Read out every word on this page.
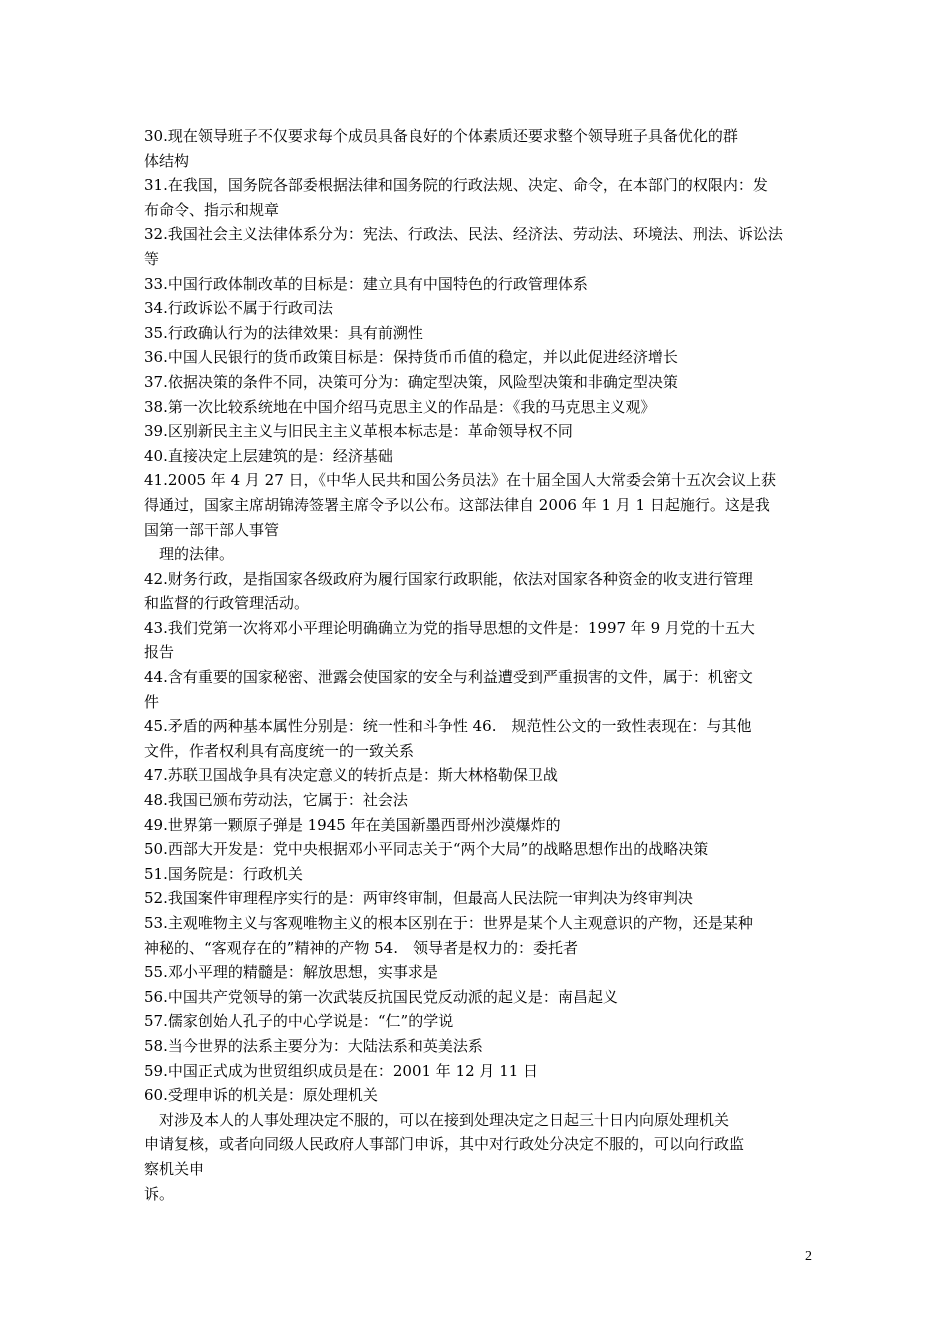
30.现在领导班子不仅要求每个成员具备良好的个体素质还要求整个领导班子具备优化的群
体结构
31.在我国，国务院各部委根据法律和国务院的行政法规、决定、命令，在本部门的权限内：发
布命令、指示和规章
32.我国社会主义法律体系分为：宪法、行政法、民法、经济法、劳动法、环境法、刑法、诉讼法
等
33.中国行政体制改革的目标是：建立具有中国特色的行政管理体系
34.行政诉讼不属于行政司法
35.行政确认行为的法律效果：具有前溯性
36.中国人民银行的货币政策目标是：保持货币币值的稳定，并以此促进经济增长
37.依据决策的条件不同，决策可分为：确定型决策，风险型决策和非确定型决策
38.第一次比较系统地在中国介绍马克思主义的作品是：《我的马克思主义观》
39.区别新民主主义与旧民主主义革根本标志是：革命领导权不同
40.直接决定上层建筑的是：经济基础
41.2005 年 4 月 27 日，《中华人民共和国公务员法》在十届全国人大常委会第十五次会议上获
得通过，国家主席胡锦涛签署主席令予以公布。这部法律自 2006 年 1 月 1 日起施行。这是我
国第一部干部人事管
理的法律。
42.财务行政，是指国家各级政府为履行国家行政职能，依法对国家各种资金的收支进行管理
和监督的行政管理活动。
43.我们党第一次将邓小平理论明确确立为党的指导思想的文件是：1997 年 9 月党的十五大
报告
44.含有重要的国家秘密、泄露会使国家的安全与利益遭受到严重损害的文件，属于：机密文
件
45.矛盾的两种基本属性分别是：统一性和斗争性 46.　规范性公文的一致性表现在：与其他
文件，作者权利具有高度统一的一致关系
47.苏联卫国战争具有决定意义的转折点是：斯大林格勒保卫战
48.我国已颁布劳动法，它属于：社会法
49.世界第一颗原子弹是 1945 年在美国新墨西哥州沙漠爆炸的
50.西部大开发是：党中央根据邓小平同志关于“两个大局”的战略思想作出的战略决策
51.国务院是：行政机关
52.我国案件审理程序实行的是：两审终审制，但最高人民法院一审判决为终审判决
53.主观唯物主义与客观唯物主义的根本区别在于：世界是某个人主观意识的产物，还是某种
神秘的、“客观存在的”精神的产物 54.　领导者是权力的：委托者
55.邓小平理的精髓是：解放思想，实事求是
56.中国共产党领导的第一次武装反抗国民党反动派的起义是：南昌起义
57.儒家创始人孔子的中心学说是：“仁”的学说
58.当今世界的法系主要分为：大陆法系和英美法系
59.中国正式成为世贸组织成员是在：2001 年 12 月 11 日
60.受理申诉的机关是：原处理机关
对涉及本人的人事处理决定不服的，可以在接到处理决定之日起三十日内向原处理机关
申请复核，或者向同级人民政府人事部门申诉，其中对行政处分决定不服的，可以向行政监
察机关申
诉。
2
